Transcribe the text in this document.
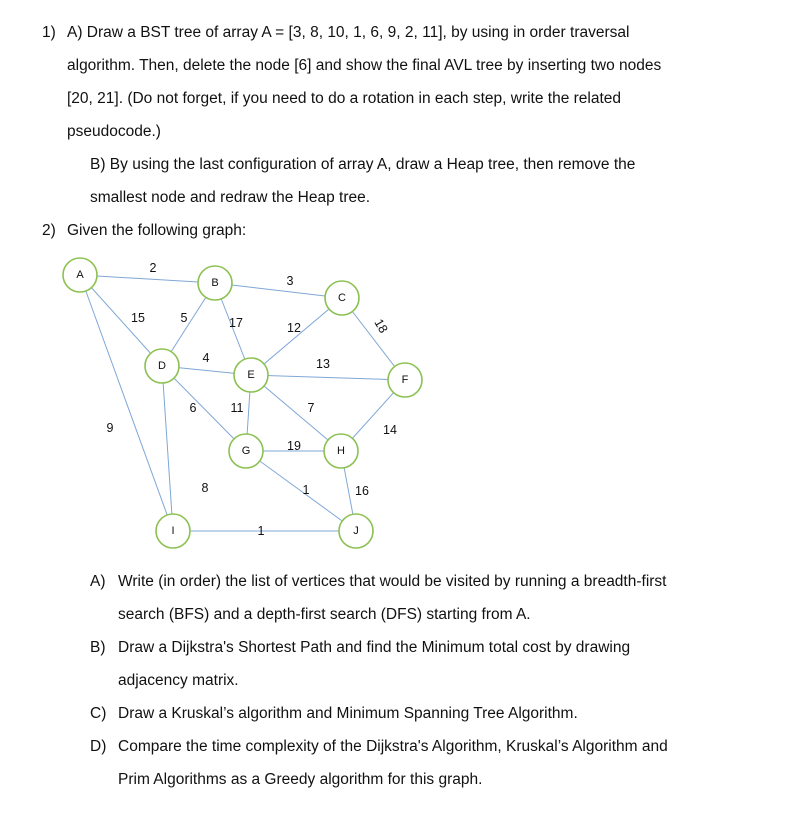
1) A) Draw a BST tree of array A = [3, 8, 10, 1, 6, 9, 2, 11], by using in order traversal
algorithm. Then, delete the node [6] and show the final AVL tree by inserting two nodes
[20, 21]. (Do not forget, if you need to do a rotation in each step, write the related
pseudocode.)
B) By using the last configuration of array A, draw a Heap tree, then remove the
smallest node and redraw the Heap tree.
2) Given the following graph:
2
15
9
3
5	17	12	18
4
6
8
13
11	7
14
19
1
1
16
A
B
C
D
E	F
G	H
I	J
A) Write (in order) the list of vertices that would be visited by running a breadth-first
search (BFS) and a depth-first search (DFS) starting from A.
B) Draw a Dijkstra's Shortest Path and find the Minimum total cost by drawing
adjacency matrix.
C) Draw a Kruskal’s algorithm and Minimum Spanning Tree Algorithm.
D) Compare the time complexity of the Dijkstra's Algorithm, Kruskal’s Algorithm and
Prim Algorithms as a Greedy algorithm for this graph.
